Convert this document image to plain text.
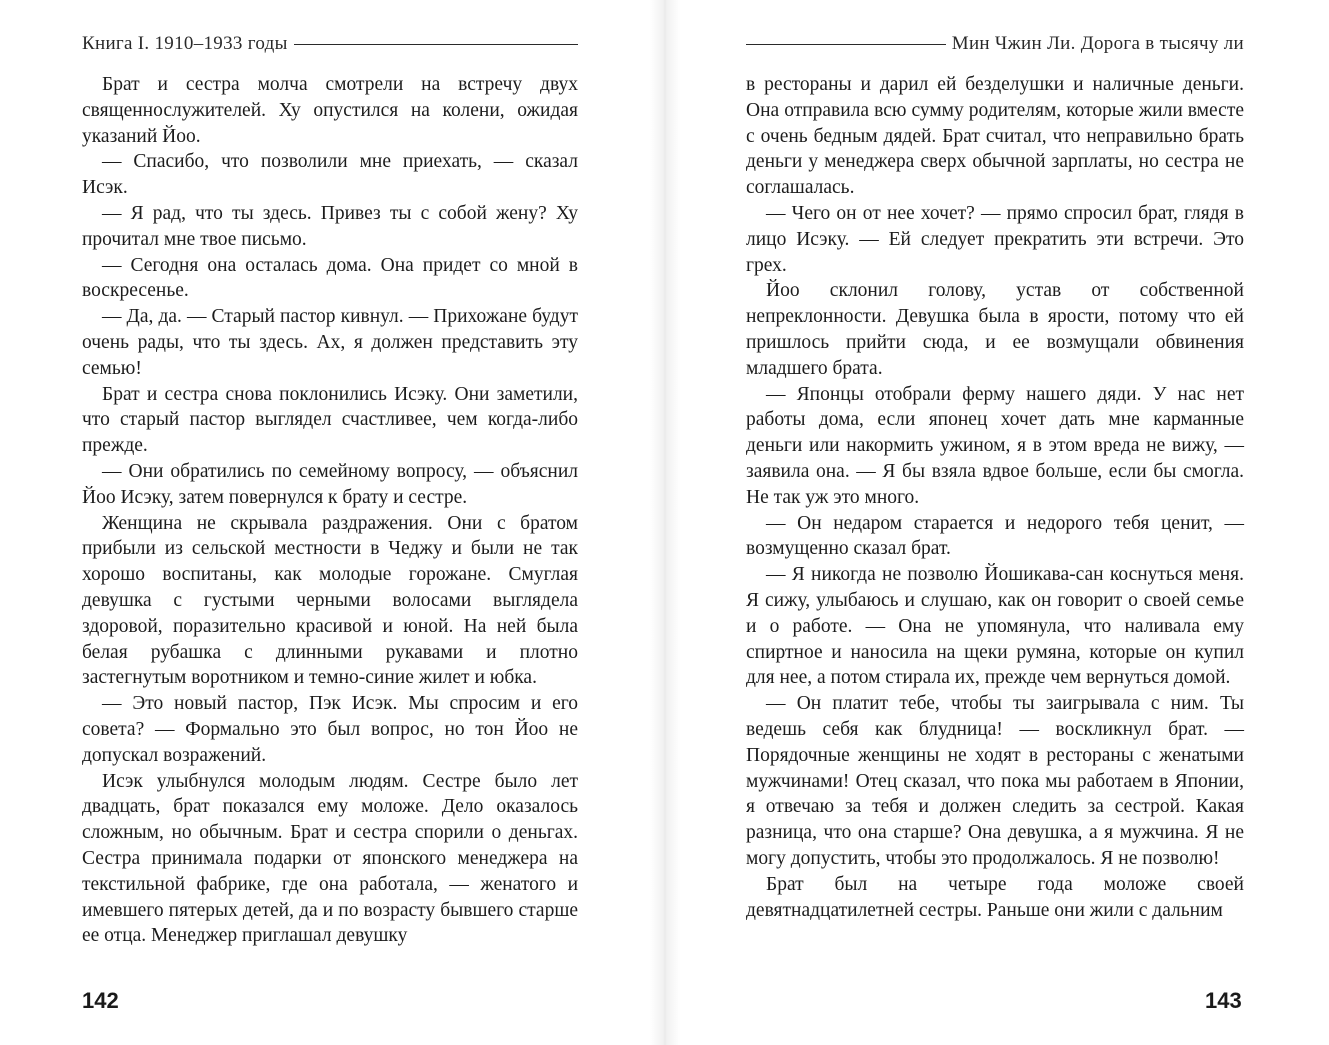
Книга I. 1910–1933 годы

Брат и сестра молча смотрели на встречу двух священнослужителей. Ху опустился на колени, ожидая указаний Йоо.

— Спасибо, что позволили мне приехать, — сказал Исэк.

— Я рад, что ты здесь. Привез ты с собой жену? Ху прочитал мне твое письмо.

— Сегодня она осталась дома. Она придет со мной в воскресенье.

— Да, да. — Старый пастор кивнул. — Прихожане будут очень рады, что ты здесь. Ах, я должен представить эту семью!

Брат и сестра снова поклонились Исэку. Они заметили, что старый пастор выглядел счастливее, чем когда-либо прежде.

— Они обратились по семейному вопросу, — объяснил Йоо Исэку, затем повернулся к брату и сестре.

Женщина не скрывала раздражения. Они с братом прибыли из сельской местности в Чеджу и были не так хорошо воспитаны, как молодые горожане. Смуглая девушка с густыми черными волосами выглядела здоровой, поразительно красивой и юной. На ней была белая рубашка с длинными рукавами и плотно застегнутым воротником и темно-синие жилет и юбка.

— Это новый пастор, Пэк Исэк. Мы спросим и его совета? — Формально это был вопрос, но тон Йоо не допускал возражений.

Исэк улыбнулся молодым людям. Сестре было лет двадцать, брат показался ему моложе. Дело оказалось сложным, но обычным. Брат и сестра спорили о деньгах. Сестра принимала подарки от японского менеджера на текстильной фабрике, где она работала, — женатого и имевшего пятерых детей, да и по возрасту бывшего старше ее отца. Менеджер приглашал девушку

142
Мин Чжин Ли. Дорога в тысячу ли

в рестораны и дарил ей безделушки и наличные деньги. Она отправила всю сумму родителям, которые жили вместе с очень бедным дядей. Брат считал, что неправильно брать деньги у менеджера сверх обычной зарплаты, но сестра не соглашалась.

— Чего он от нее хочет? — прямо спросил брат, глядя в лицо Исэку. — Ей следует прекратить эти встречи. Это грех.

Йоо склонил голову, устав от собственной непреклонности. Девушка была в ярости, потому что ей пришлось прийти сюда, и ее возмущали обвинения младшего брата.

— Японцы отобрали ферму нашего дяди. У нас нет работы дома, если японец хочет дать мне карманные деньги или накормить ужином, я в этом вреда не вижу, — заявила она. — Я бы взяла вдвое больше, если бы смогла. Не так уж это много.

— Он недаром старается и недорого тебя ценит, — возмущенно сказал брат.

— Я никогда не позволю Йошикава-сан коснуться меня. Я сижу, улыбаюсь и слушаю, как он говорит о своей семье и о работе. — Она не упомянула, что наливала ему спиртное и наносила на щеки румяна, которые он купил для нее, а потом стирала их, прежде чем вернуться домой.

— Он платит тебе, чтобы ты заигрывала с ним. Ты ведешь себя как блудница! — воскликнул брат. — Порядочные женщины не ходят в рестораны с женатыми мужчинами! Отец сказал, что пока мы работаем в Японии, я отвечаю за тебя и должен следить за сестрой. Какая разница, что она старше? Она девушка, а я мужчина. Я не могу допустить, чтобы это продолжалось. Я не позволю!

Брат был на четыре года моложе своей девятнадцатилетней сестры. Раньше они жили с дальним

143
